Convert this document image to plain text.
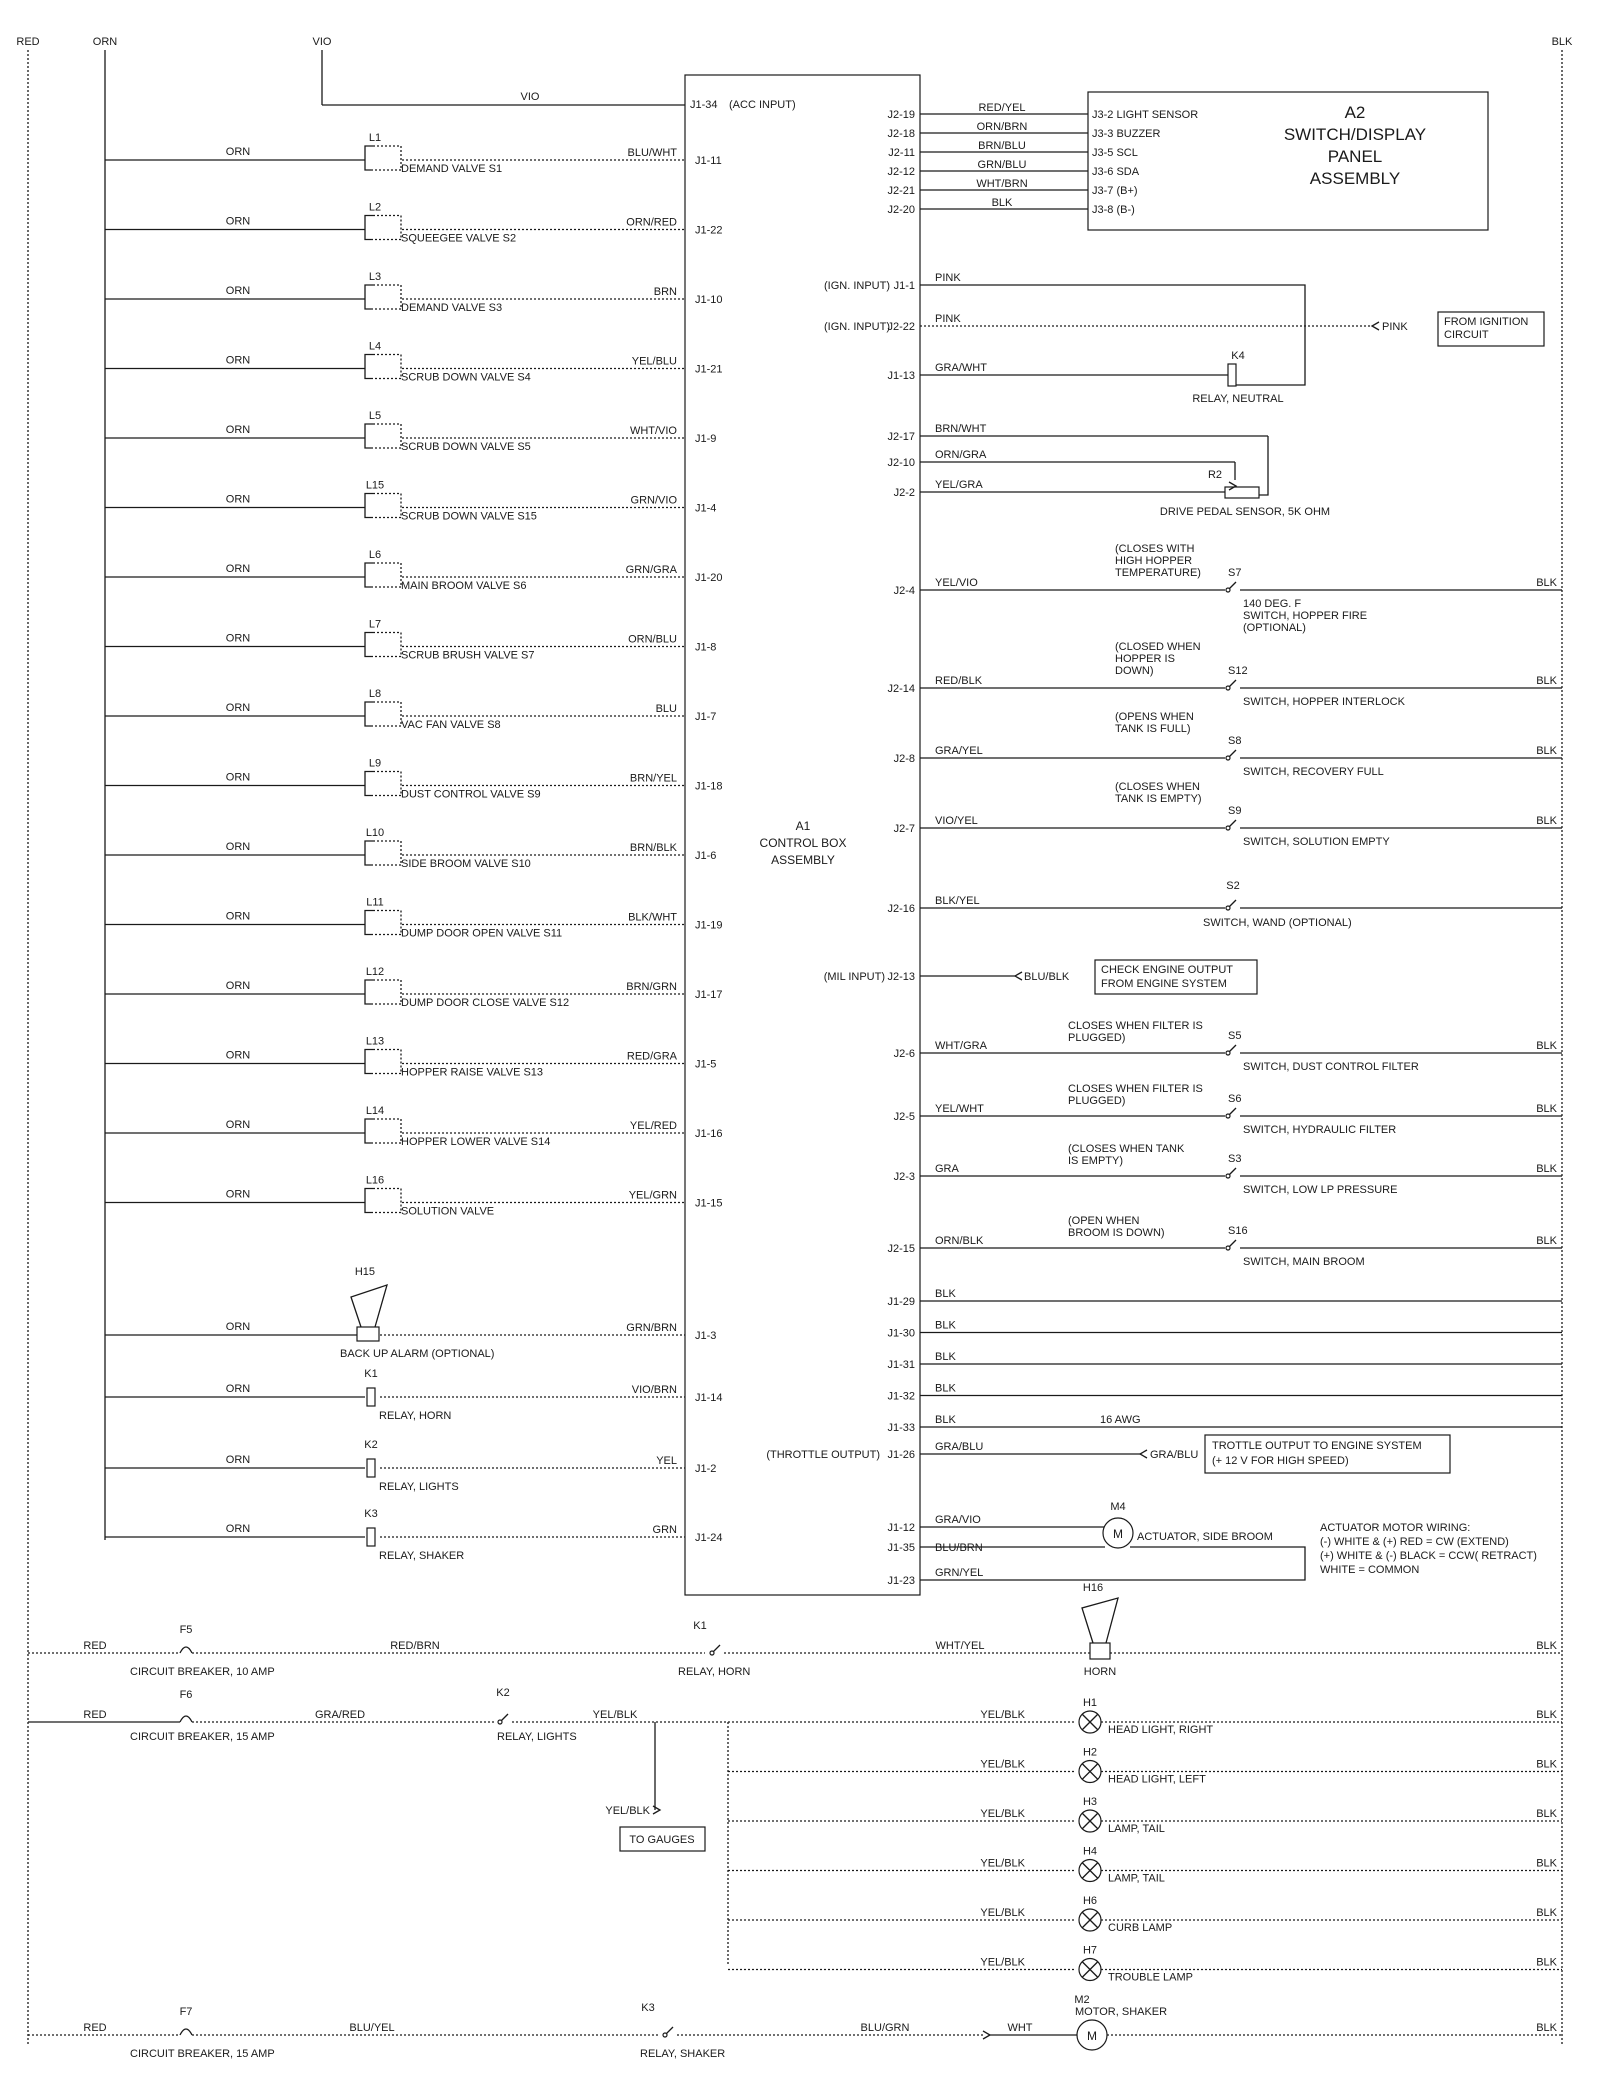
RED	ORN	VIO	BLK
A1
CONTROL BOX
ASSEMBLY
VIO
J1-34 (ACC INPUT)	A2
SWITCH/DISPLAY
PANEL
ASSEMBLY
J2-19
RED/YEL
J3-2 LIGHT SENSOR
J2-18
ORN/BRN
J3-3 BUZZER
J2-11
BRN/BLU
J3-5 SCL
J2-12
GRN/BLU
J3-6 SDA
J2-21
WHT/BRN
J3-7 (B+)
J2-20
BLK
J3-8 (B-)
ORN
L1
DEMAND VALVE S1
BLU/WHT
J1-11
ORN
L2
SQUEEGEE VALVE S2
ORN/RED
J1-22
ORN
L3
DEMAND VALVE S3
BRN
J1-10
ORN
L4
SCRUB DOWN VALVE S4
YEL/BLU
J1-21
ORN
L5
SCRUB DOWN VALVE S5
WHT/VIO
J1-9
ORN
L15
SCRUB DOWN VALVE S15
GRN/VIO
J1-4
ORN
L6
MAIN BROOM VALVE S6
GRN/GRA
J1-20
ORN
L7
SCRUB BRUSH VALVE S7
ORN/BLU
J1-8
ORN
L8
VAC FAN VALVE S8
BLU
J1-7
ORN
L9
DUST CONTROL VALVE S9
BRN/YEL
J1-18
ORN
L10
SIDE BROOM VALVE S10
BRN/BLK
J1-6
ORN
L11
DUMP DOOR OPEN VALVE S11
BLK/WHT
J1-19
ORN
L12
DUMP DOOR CLOSE VALVE S12
BRN/GRN
J1-17
ORN
L13
HOPPER RAISE VALVE S13
RED/GRA
J1-5
ORN
L14
HOPPER LOWER VALVE S14
YEL/RED
J1-16
ORN
L16
SOLUTION VALVE
YEL/GRN
J1-15
ORN
H15
BACK UP ALARM (OPTIONAL)
GRN/BRN
J1-3
ORN
K1
RELAY, HORN
VIO/BRN
J1-14
ORN
K2
RELAY, LIGHTS
YEL
J1-2
ORN
K3
RELAY, SHAKER
GRN
J1-24
(IGN. INPUT) J1-1
PINK
(IGN. INPUT)
J2-22
PINK
PINK	FROM IGNITION
CIRCUIT
J1-13
GRA/WHT
K4
RELAY, NEUTRAL
J2-17
BRN/WHT
J2-10
ORN/GRA
J2-2
YEL/GRA
R2
DRIVE PEDAL SENSOR, 5K OHM
J2-4
YEL/VIO
(CLOSES WITH
HIGH HOPPER
TEMPERATURE) S7
140 DEG. F
SWITCH, HOPPER FIRE
(OPTIONAL)
BLK
J2-14
RED/BLK
(CLOSED WHEN
HOPPER IS
DOWN)	S12
SWITCH, HOPPER INTERLOCK
BLK
J2-8
GRA/YEL
(OPENS WHEN
TANK IS FULL)
S8
SWITCH, RECOVERY FULL
BLK
J2-7
VIO/YEL
(CLOSES WHEN
TANK IS EMPTY)
S9
SWITCH, SOLUTION EMPTY
BLK
J2-16
BLK/YEL
S2
SWITCH, WAND (OPTIONAL)
(MIL INPUT) J2-13	BLU/BLK
CHECK ENGINE OUTPUT
FROM ENGINE SYSTEM
J2-6
WHT/GRA
CLOSES WHEN FILTER IS
PLUGGED)	S5
SWITCH, DUST CONTROL FILTER
BLK
J2-5
YEL/WHT
CLOSES WHEN FILTER IS
PLUGGED)	S6
SWITCH, HYDRAULIC FILTER
BLK
J2-3
GRA
(CLOSES WHEN TANK
IS EMPTY)	S3
SWITCH, LOW LP PRESSURE
BLK
J2-15
ORN/BLK
(OPEN WHEN
BROOM IS DOWN)	S16
SWITCH, MAIN BROOM
BLK
J1-29
BLK
J1-30
BLK
J1-31
BLK
J1-32
BLK
J1-33
BLK	16 AWG
(THROTTLE OUTPUT) J1-26
GRA/BLU
GRA/BLU
TROTTLE OUTPUT TO ENGINE SYSTEM
(+ 12 V FOR HIGH SPEED)
J1-12
GRA/VIO
J1-35 BLU/BRN
J1-23
GRN/YEL
M
M4
ACTUATOR, SIDE BROOM
ACTUATOR MOTOR WIRING:
(-) WHITE & (+) RED = CW (EXTEND)
(+) WHITE & (-) BLACK = CCW( RETRACT)
WHITE = COMMON
RED
F5
CIRCUIT BREAKER, 10 AMP
RED/BRN
K1
RELAY, HORN
WHT/YEL
H16
HORN
BLK
RED
F6
CIRCUIT BREAKER, 15 AMP
GRA/RED
K2
RELAY, LIGHTS
YEL/BLK
YEL/BLK
TO GAUGES
YEL/BLK
H1
HEAD LIGHT, RIGHT
BLK
YEL/BLK
H2
HEAD LIGHT, LEFT
BLK
YEL/BLK
H3
LAMP, TAIL
BLK
YEL/BLK
H4
LAMP, TAIL
BLK
YEL/BLK
H6
CURB LAMP
BLK
YEL/BLK
H7
TROUBLE LAMP
BLK
RED
F7
CIRCUIT BREAKER, 15 AMP
BLU/YEL
K3
RELAY, SHAKER
BLU/GRN	WHT
M
M2
MOTOR, SHAKER
BLK
